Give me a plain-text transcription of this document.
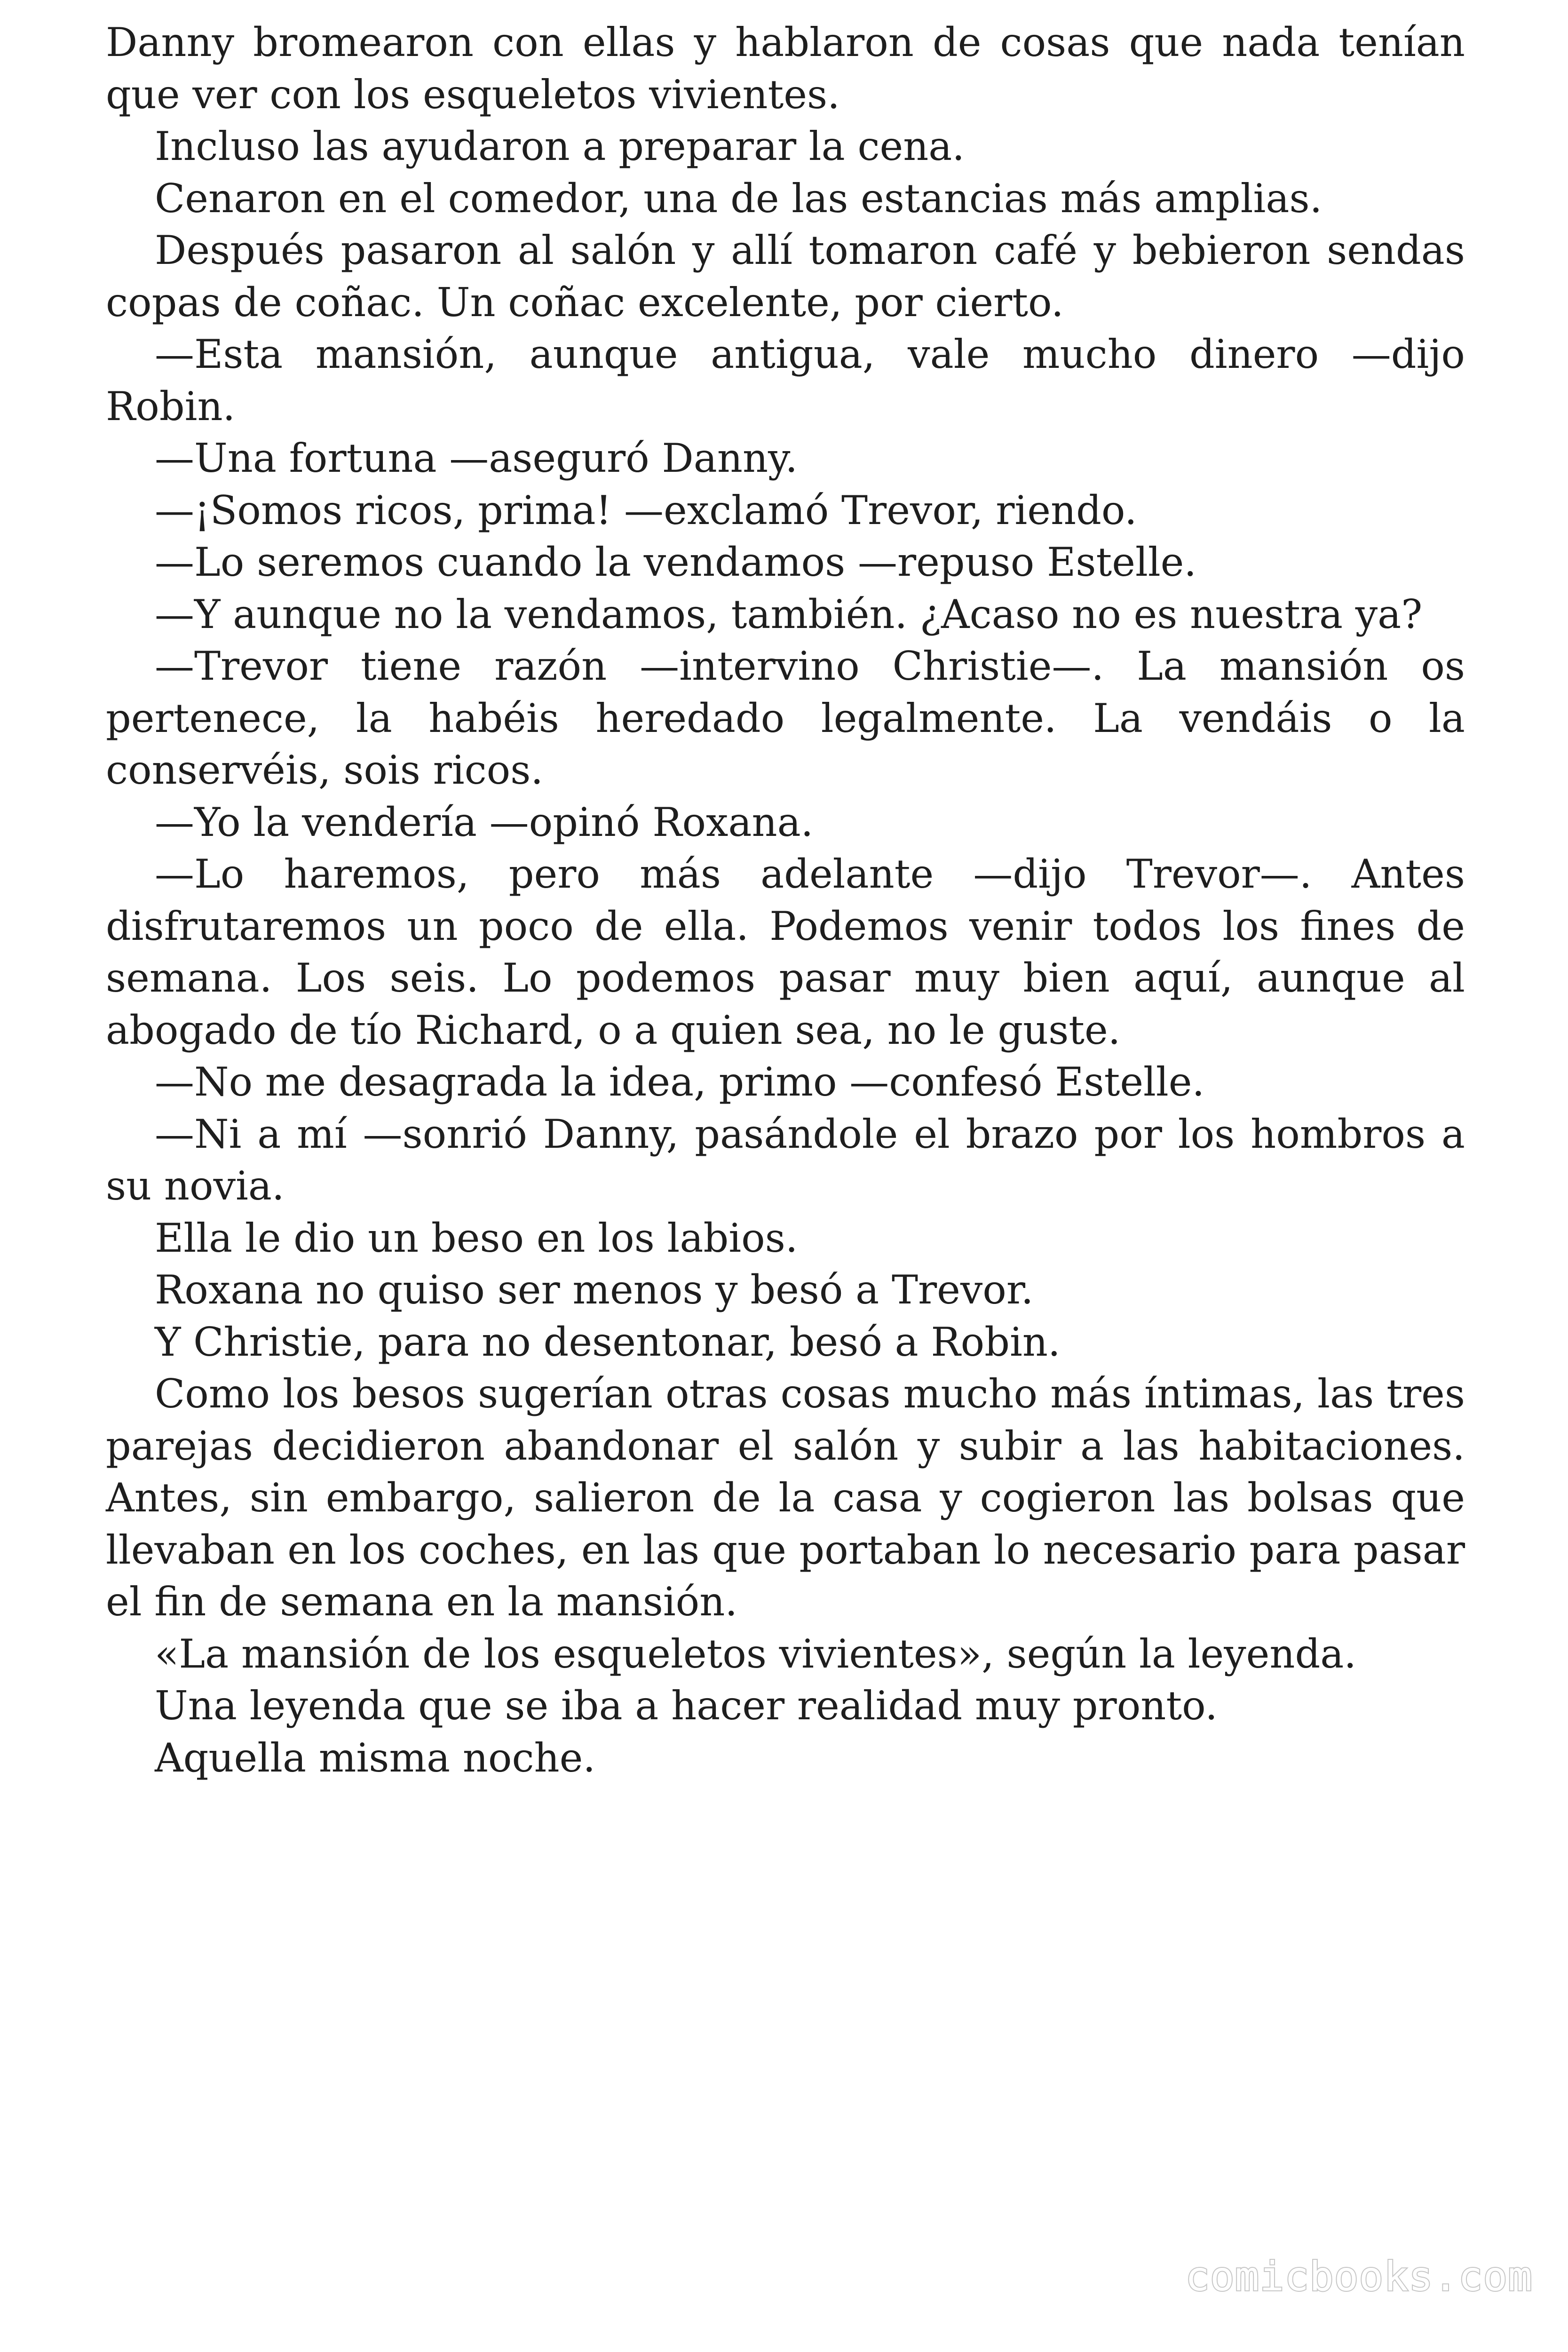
Danny bromearon con ellas y hablaron de cosas que nada tenían que ver con los esqueletos vivientes.

Incluso las ayudaron a preparar la cena.

Cenaron en el comedor, una de las estancias más amplias.

Después pasaron al salón y allí tomaron café y bebieron sendas copas de coñac. Un coñac excelente, por cierto.

—Esta mansión, aunque antigua, vale mucho dinero —dijo Robin.

—Una fortuna —aseguró Danny.

—¡Somos ricos, prima! —exclamó Trevor, riendo.

—Lo seremos cuando la vendamos —repuso Estelle.

—Y aunque no la vendamos, también. ¿Acaso no es nuestra ya?

—Trevor tiene razón —intervino Christie—. La mansión os pertenece, la habéis heredado legalmente. La vendáis o la conservéis, sois ricos.

—Yo la vendería —opinó Roxana.

—Lo haremos, pero más adelante —dijo Trevor—. Antes disfrutaremos un poco de ella. Podemos venir todos los fines de semana. Los seis. Lo podemos pasar muy bien aquí, aunque al abogado de tío Richard, o a quien sea, no le guste.

—No me desagrada la idea, primo —confesó Estelle.

—Ni a mí —sonrió Danny, pasándole el brazo por los hombros a su novia.

Ella le dio un beso en los labios.

Roxana no quiso ser menos y besó a Trevor.

Y Christie, para no desentonar, besó a Robin.

Como los besos sugerían otras cosas mucho más íntimas, las tres parejas decidieron abandonar el salón y subir a las habitaciones. Antes, sin embargo, salieron de la casa y cogieron las bolsas que llevaban en los coches, en las que portaban lo necesario para pasar el fin de semana en la mansión.

«La mansión de los esqueletos vivientes», según la leyenda.

Una leyenda que se iba a hacer realidad muy pronto.

Aquella misma noche.

comicbooks.com
